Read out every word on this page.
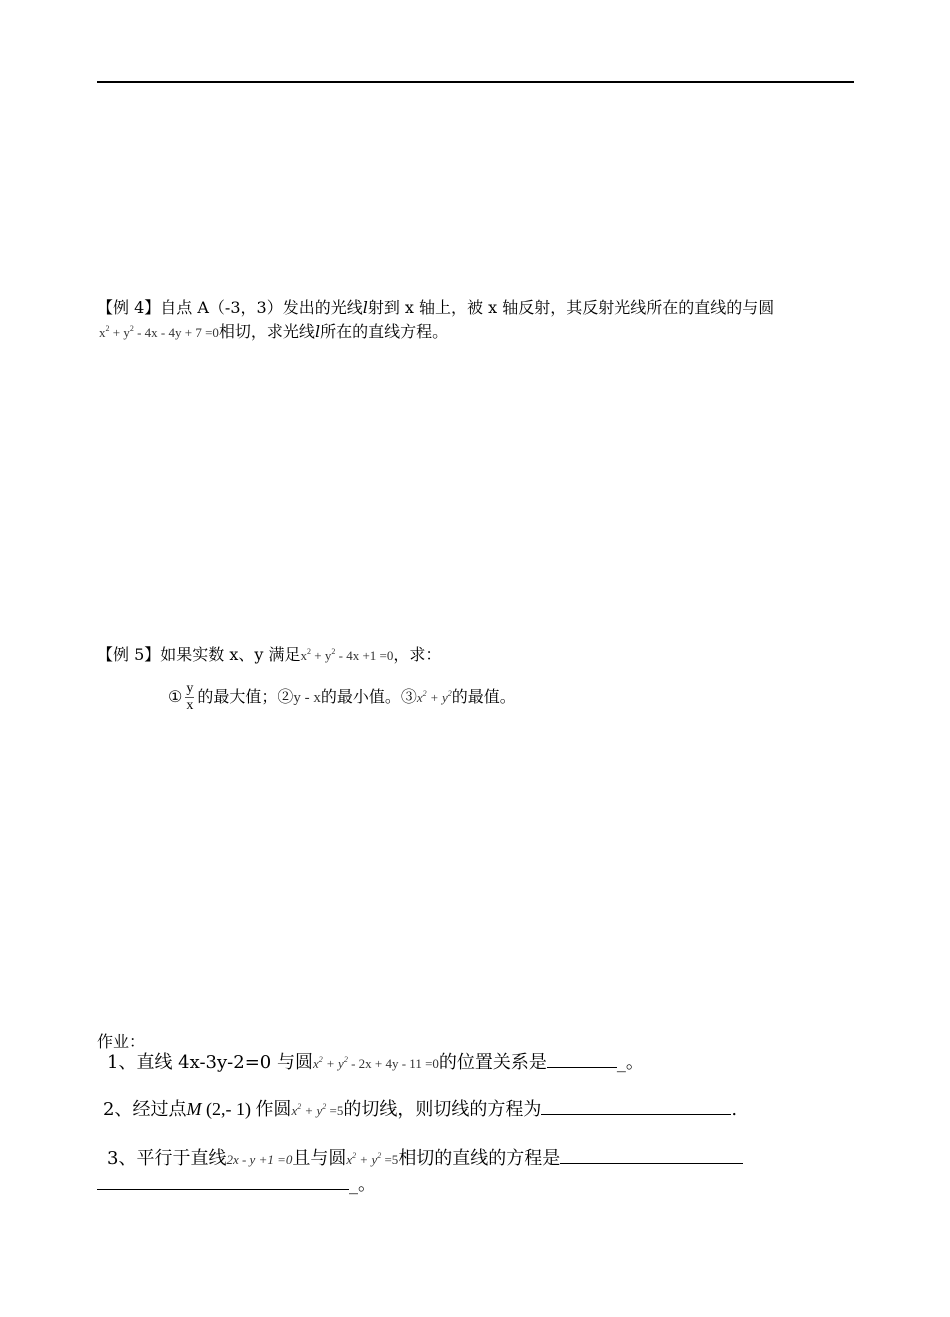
【例 4】自点 A（-3，3）发出的光线l射到 x 轴上，被 x 轴反射，其反射光线所在的直线的与圆
$x^2 + y^2 - 4x - 4y + 7 =0$相切，求光线l所在的直线方程。
【例 5】如果实数 x、y 满足$x^2 + y^2 - 4x +1 =0$，求：
① $\frac{y}{x}$ 的最大值；②y - x的最小值。$③x^2 + y^2$的最值。
作业：
1、直线 4x-3y-2=0 与圆$x^2 + y^2 - 2x + 4y - 11 =0$的位置关系是	_。
2、经过点M (2,- 1) 作圆$x^2 + y^2 =5$的切线，则切线的方程为	.
3、平行于直线2x - y +1 =0且与圆$x^2 + y^2 =5$相切的直线的方程是
_。
